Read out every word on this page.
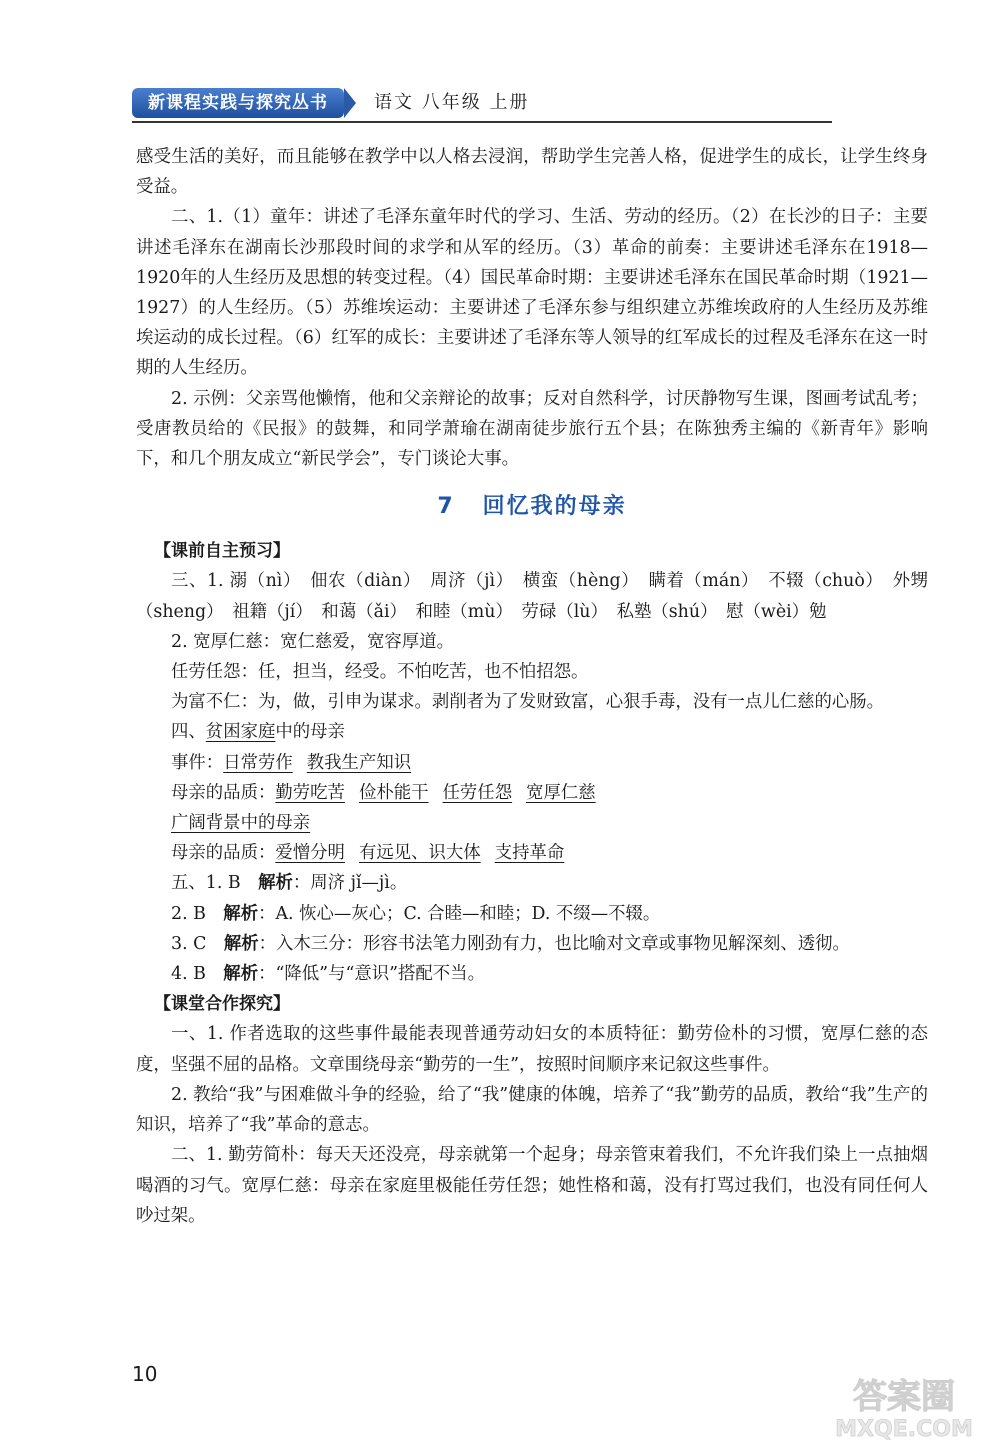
新课程实践与探究丛书	语文 八年级 上册

感受生活的美好，而且能够在教学中以人格去浸润，帮助学生完善人格，促进学生的成长，让学生终身受益。

二、1.（1）童年：讲述了毛泽东童年时代的学习、生活、劳动的经历。（2）在长沙的日子：主要讲述毛泽东在湖南长沙那段时间的求学和从军的经历。（3）革命的前奏：主要讲述毛泽东在1918—1920年的人生经历及思想的转变过程。（4）国民革命时期：主要讲述毛泽东在国民革命时期（1921—1927）的人生经历。（5）苏维埃运动：主要讲述了毛泽东参与组织建立苏维埃政府的人生经历及苏维埃运动的成长过程。（6）红军的成长：主要讲述了毛泽东等人领导的红军成长的过程及毛泽东在这一时期的人生经历。

2. 示例：父亲骂他懒惰，他和父亲辩论的故事；反对自然科学，讨厌静物写生课，图画考试乱考；受唐教员给的《民报》的鼓舞，和同学萧瑜在湖南徒步旅行五个县；在陈独秀主编的《新青年》影响下，和几个朋友成立“新民学会”，专门谈论大事。

7 回忆我的母亲

【课前自主预习】

三、1. 溺（nì）　佃农（diàn）　周济（jì）　横蛮（hèng）　瞒着（mán）　不辍（chuò）　外甥（sheng）　祖籍（jí）　和蔼（ǎi）　和睦（mù）　劳碌（lù）　私塾（shú）　慰（wèi）勉

2. 宽厚仁慈：宽仁慈爱，宽容厚道。

任劳任怨：任，担当，经受。不怕吃苦，也不怕招怨。

为富不仁：为，做，引申为谋求。剥削者为了发财致富，心狠手毒，没有一点儿仁慈的心肠。

四、贫困家庭中的母亲

事件：日常劳作 教我生产知识

母亲的品质：勤劳吃苦 俭朴能干 任劳任怨 宽厚仁慈

广阔背景中的母亲

母亲的品质：爱憎分明 有远见、识大体 支持革命

五、1. B　解析：周济 jǐ—jì。

2. B　解析：A. 恢心—灰心；C. 合睦—和睦；D. 不缀—不辍。

3. C　解析：入木三分：形容书法笔力刚劲有力，也比喻对文章或事物见解深刻、透彻。

4. B　解析：“降低”与“意识”搭配不当。

【课堂合作探究】

一、1. 作者选取的这些事件最能表现普通劳动妇女的本质特征：勤劳俭朴的习惯，宽厚仁慈的态度，坚强不屈的品格。文章围绕母亲“勤劳的一生”，按照时间顺序来记叙这些事件。

2. 教给“我”与困难做斗争的经验，给了“我”健康的体魄，培养了“我”勤劳的品质，教给“我”生产的知识，培养了“我”革命的意志。

二、1. 勤劳简朴：每天天还没亮，母亲就第一个起身；母亲管束着我们，不允许我们染上一点抽烟喝酒的习气。宽厚仁慈：母亲在家庭里极能任劳任怨；她性格和蔼，没有打骂过我们，也没有同任何人吵过架。

10
答案圈
MXQE.COM
